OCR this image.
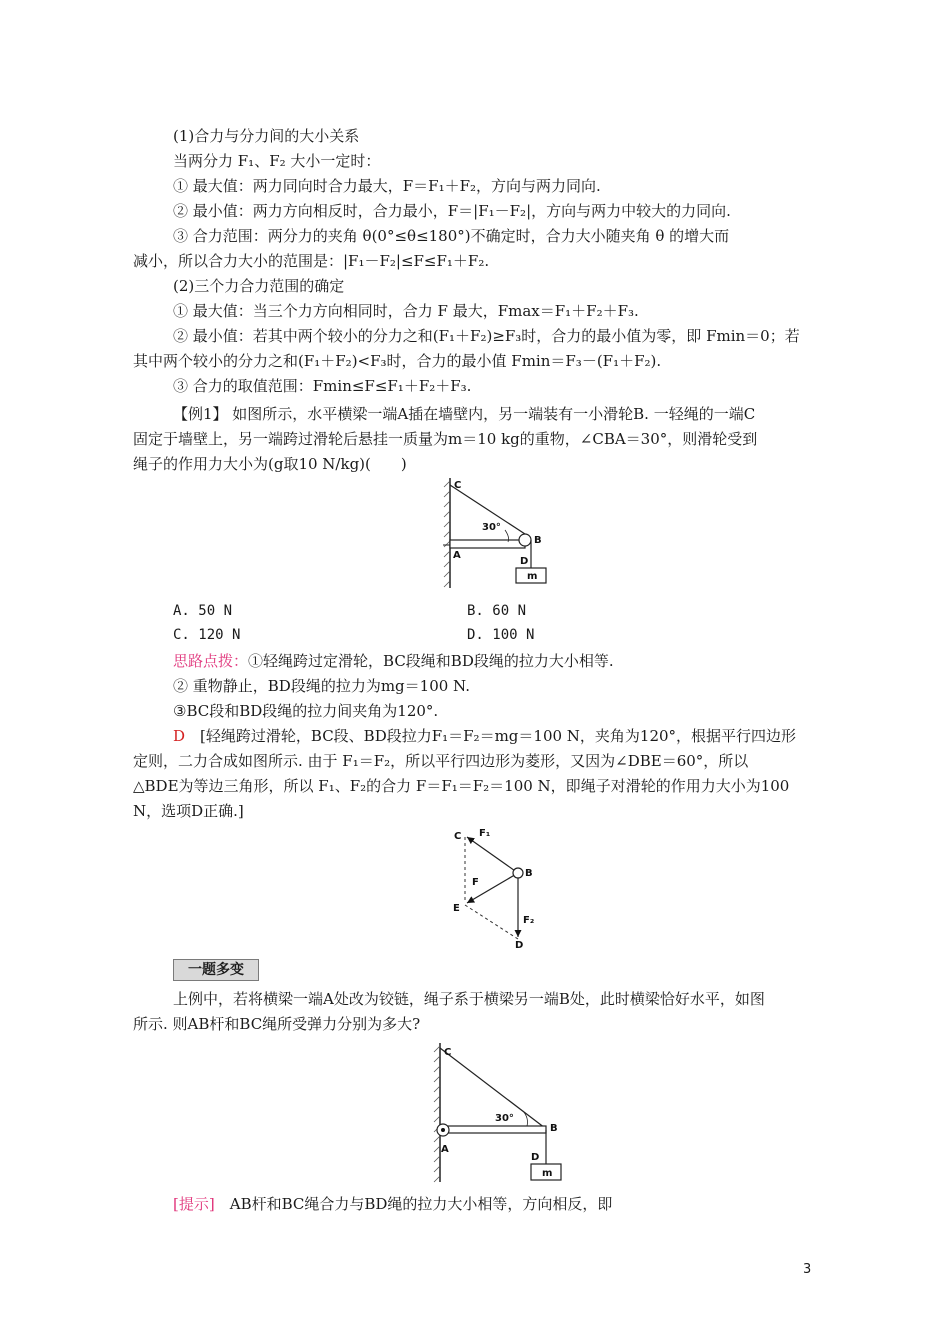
(1)合力与分力间的大小关系
当两分力 F₁、F₂ 大小一定时：
① 最大值：两力同向时合力最大，F＝F₁＋F₂，方向与两力同向.
② 最小值：两力方向相反时，合力最小，F＝|F₁－F₂|，方向与两力中较大的力同向.
③ 合力范围：两分力的夹角 θ(0°≤θ≤180°)不确定时，合力大小随夹角 θ 的增大而
减小，所以合力大小的范围是：|F₁－F₂|≤F≤F₁＋F₂.
(2)三个力合力范围的确定
① 最大值：当三个力方向相同时，合力 F 最大，Fmax＝F₁＋F₂＋F₃.
② 最小值：若其中两个较小的分力之和(F₁＋F₂)≥F₃时，合力的最小值为零，即 Fmin＝0；若
其中两个较小的分力之和(F₁＋F₂)<F₃时，合力的最小值 Fmin＝F₃－(F₁＋F₂).
③ 合力的取值范围：Fmin≤F≤F₁＋F₂＋F₃.
【例1】 如图所示，水平横梁一端A插在墙壁内，另一端装有一小滑轮B. 一轻绳的一端C
固定于墙壁上，另一端跨过滑轮后悬挂一质量为m＝10 kg的重物，∠CBA＝30°，则滑轮受到
绳子的作用力大小为(g取10 N/kg)(　　)
C
30°
B
A
D
m
A. 50 N	B. 60 N
C. 120 N	D. 100 N
思路点拨：①轻绳跨过定滑轮，BC段绳和BD段绳的拉力大小相等.
② 重物静止，BD段绳的拉力为mg＝100 N.
③BC段和BD段绳的拉力间夹角为120°.
D　 [轻绳跨过滑轮，BC段、BD段拉力F₁＝F₂＝mg＝100 N，夹角为120°，根据平行四边形
定则，二力合成如图所示. 由于 F₁＝F₂，所以平行四边形为菱形，又因为∠DBE＝60°，所以
△BDE为等边三角形，所以 F₁、F₂的合力 F＝F₁＝F₂＝100 N，即绳子对滑轮的作用力大小为100
N，选项D正确.]
C F₁
B
F
E
F₂
D
一题多变
上例中，若将横梁一端A处改为铰链，绳子系于横梁另一端B处，此时横梁恰好水平，如图
所示. 则AB杆和BC绳所受弹力分别为多大?
C
30°
B
A
D
m
[提示]　 AB杆和BC绳合力与BD绳的拉力大小相等，方向相反，即
3
